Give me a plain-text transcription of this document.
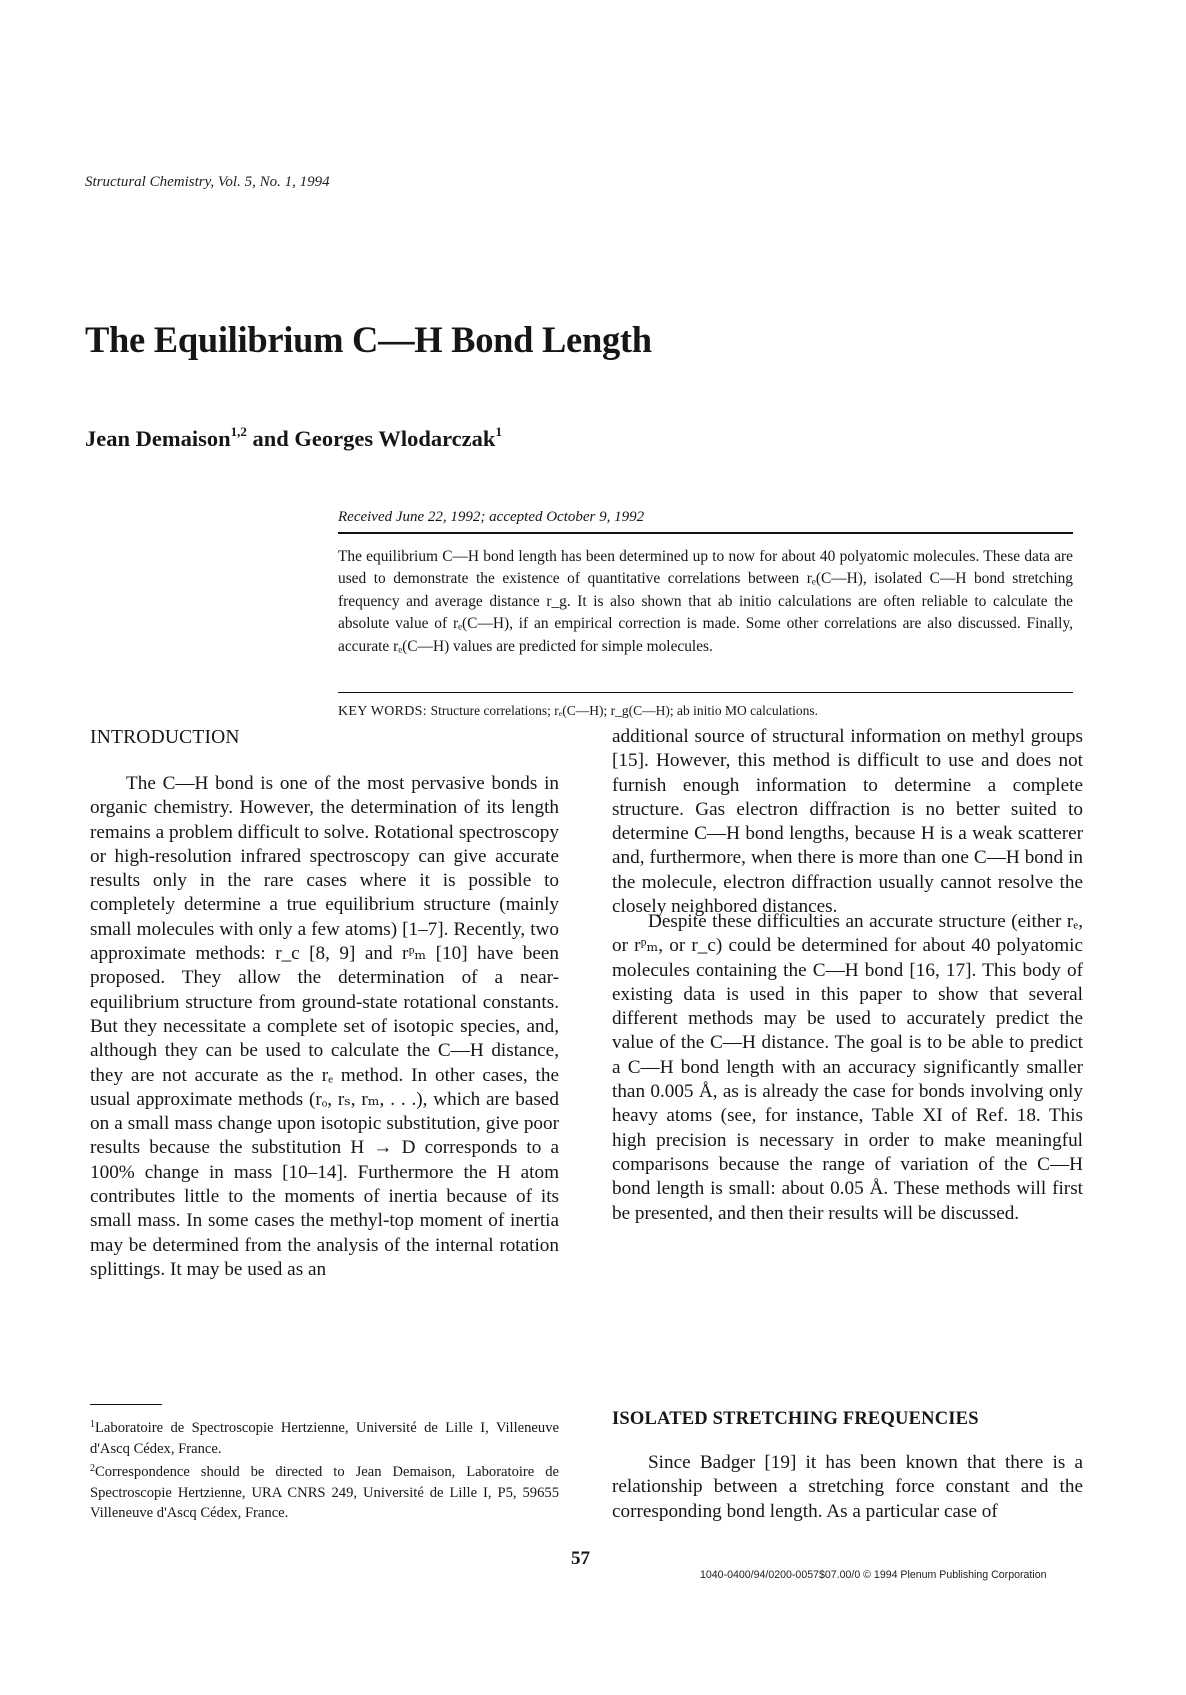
Structural Chemistry, Vol. 5, No. 1, 1994
The Equilibrium C—H Bond Length
Jean Demaison$^{1,2}$ and Georges Wlodarczak$^1$
Received June 22, 1992; accepted October 9, 1992

The equilibrium C—H bond length has been determined up to now for about 40 polyatomic molecules. These data are used to demonstrate the existence of quantitative correlations between rₑ(C—H), isolated C—H bond stretching frequency and average distance r_g. It is also shown that ab initio calculations are often reliable to calculate the absolute value of rₑ(C—H), if an empirical correction is made. Some other correlations are also discussed. Finally, accurate rₑ(C—H) values are predicted for simple molecules.

KEY WORDS: Structure correlations; rₑ(C—H); r_g(C—H); ab initio MO calculations.
INTRODUCTION

The C—H bond is one of the most pervasive bonds in organic chemistry. However, the determination of its length remains a problem difficult to solve. Rotational spectroscopy or high-resolution infrared spectroscopy can give accurate results only in the rare cases where it is possible to completely determine a true equilibrium structure (mainly small molecules with only a few atoms) [1–7]. Recently, two approximate methods: r_c [8, 9] and rᵖₘ [10] have been proposed. They allow the determination of a near-equilibrium structure from ground-state rotational constants. But they necessitate a complete set of isotopic species, and, although they can be used to calculate the C—H distance, they are not accurate as the rₑ method. In other cases, the usual approximate methods (rₒ, rₛ, rₘ, . . .), which are based on a small mass change upon isotopic substitution, give poor results because the substitution H → D corresponds to a 100% change in mass [10–14]. Furthermore the H atom contributes little to the moments of inertia because of its small mass. In some cases the methyl-top moment of inertia may be determined from the analysis of the internal rotation splittings. It may be used as an

$^1$Laboratoire de Spectroscopie Hertzienne, Université de Lille I, Villeneuve d'Ascq Cédex, France.

$^2$Correspondence should be directed to Jean Demaison, Laboratoire de Spectroscopie Hertzienne, URA CNRS 249, Université de Lille I, P5, 59655 Villeneuve d'Ascq Cédex, France.

additional source of structural information on methyl groups [15]. However, this method is difficult to use and does not furnish enough information to determine a complete structure. Gas electron diffraction is no better suited to determine C—H bond lengths, because H is a weak scatterer and, furthermore, when there is more than one C—H bond in the molecule, electron diffraction usually cannot resolve the closely neighbored distances.

Despite these difficulties an accurate structure (either rₑ, or rᵖₘ, or r_c) could be determined for about 40 polyatomic molecules containing the C—H bond [16, 17]. This body of existing data is used in this paper to show that several different methods may be used to accurately predict the value of the C—H distance. The goal is to be able to predict a C—H bond length with an accuracy significantly smaller than 0.005 Å, as is already the case for bonds involving only heavy atoms (see, for instance, Table XI of Ref. 18. This high precision is necessary in order to make meaningful comparisons because the range of variation of the C—H bond length is small: about 0.05 Å. These methods will first be presented, and then their results will be discussed.

ISOLATED STRETCHING FREQUENCIES

Since Badger [19] it has been known that there is a relationship between a stretching force constant and the corresponding bond length. As a particular case of

57
1040-0400/94/0200-0057$07.00/0 © 1994 Plenum Publishing Corporation
